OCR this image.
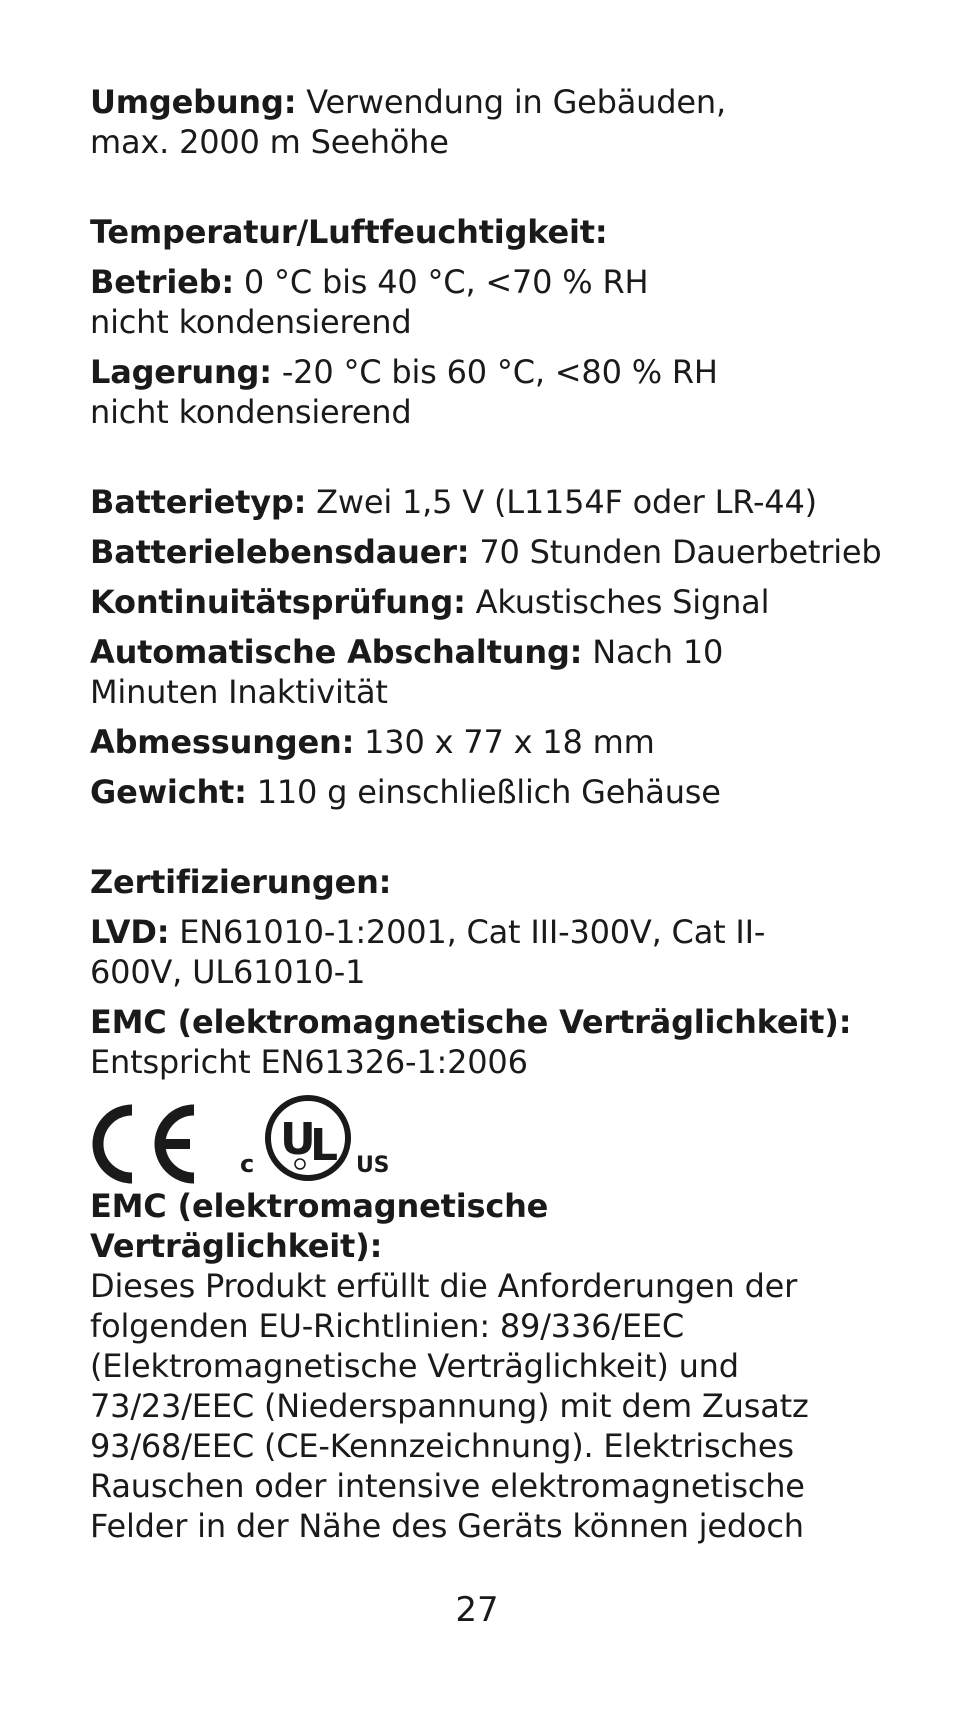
Umgebung: Verwendung in Gebäuden, max. 2000 m Seehöhe

Temperatur/Luftfeuchtigkeit:

Betrieb: 0 °C bis 40 °C, <70 % RH nicht kondensierend

Lagerung: -20 °C bis 60 °C, <80 % RH nicht kondensierend

Batterietyp: Zwei 1,5 V (L1154F oder LR-44)

Batterielebensdauer: 70 Stunden Dauerbetrieb

Kontinuitätsprüfung: Akustisches Signal

Automatische Abschaltung: Nach 10 Minuten Inaktivität

Abmessungen: 130 x 77 x 18 mm

Gewicht: 110 g einschließlich Gehäuse

Zertifizierungen:

LVD: EN61010-1:2001, Cat III-300V, Cat II-600V, UL61010-1

EMC (elektromagnetische Verträglichkeit):
Entspricht EN61326-1:2006

c U
L US

EMC (elektromagnetische Verträglichkeit):
Dieses Produkt erfüllt die Anforderungen der folgenden EU-Richtlinien: 89/336/EEC (Elektromagnetische Verträglichkeit) und 73/23/EEC (Niederspannung) mit dem Zusatz 93/68/EEC (CE-Kennzeichnung). Elektrisches Rauschen oder intensive elektromagnetische Felder in der Nähe des Geräts können jedoch

27
